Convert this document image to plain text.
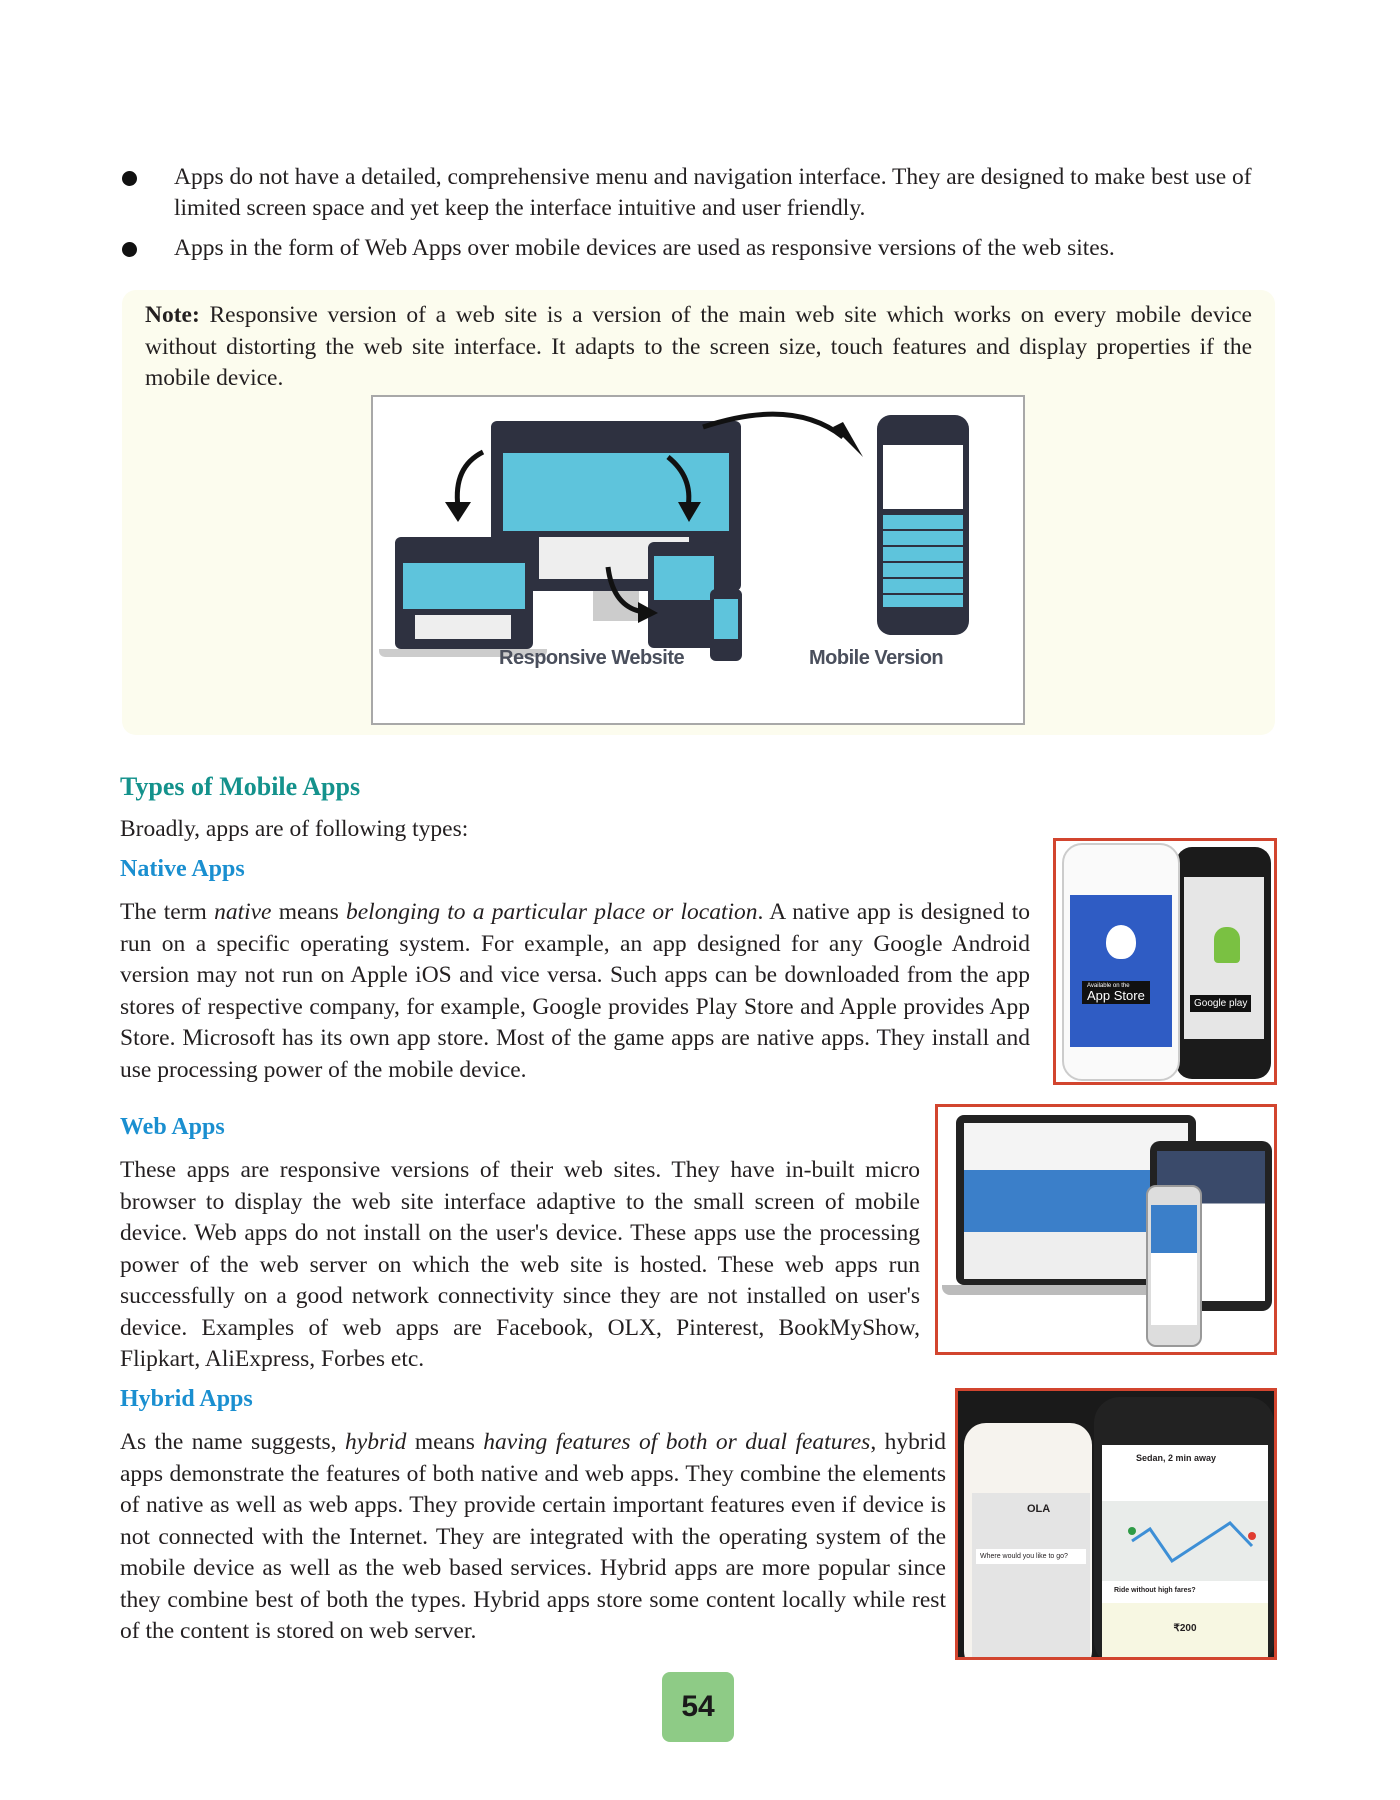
Apps do not have a detailed, comprehensive menu and navigation interface. They are designed to make best use of limited screen space and yet keep the interface intuitive and user friendly.
Apps in the form of Web Apps over mobile devices are used as responsive versions of the web sites.
Note: Responsive version of a web site is a version of the main web site which works on every mobile device without distorting the web site interface. It adapts to the screen size, touch features and display properties if the mobile device.
Responsive Website	Mobile Version
Types of Mobile Apps
Broadly, apps are of following types:
Native Apps
The term native means belonging to a particular place or location. A native app is designed to run on a specific operating system. For example, an app designed for any Google Android version may not run on Apple iOS and vice versa. Such apps can be downloaded from the app stores of respective company, for example, Google provides Play Store and Apple provides App Store. Microsoft has its own app store. Most of the game apps are native apps. They install and use processing power of the mobile device.
Google play
Available on the
App Store
Web Apps
These apps are responsive versions of their web sites. They have in-built micro browser to display the web site interface adaptive to the small screen of mobile device. Web apps do not install on the user's device. These apps use the processing power of the web server on which the web site is hosted. These web apps run successfully on a good network connectivity since they are not installed on user's device. Examples of web apps are Facebook, OLX, Pinterest, BookMyShow, Flipkart, AliExpress, Forbes etc.
Hybrid Apps
As the name suggests, hybrid means having features of both or dual features, hybrid apps demonstrate the features of both native and web apps. They combine the elements of native as well as web apps. They provide certain important features even if device is not connected with the Internet. They are integrated with the operating system of the mobile device as well as the web based services. Hybrid apps are more popular since they combine best of both the types. Hybrid apps store some content locally while rest of the content is stored on web server.
OLA
Where would you like to go?
Sedan, 2 min away
Ride without high fares?
₹200
54
